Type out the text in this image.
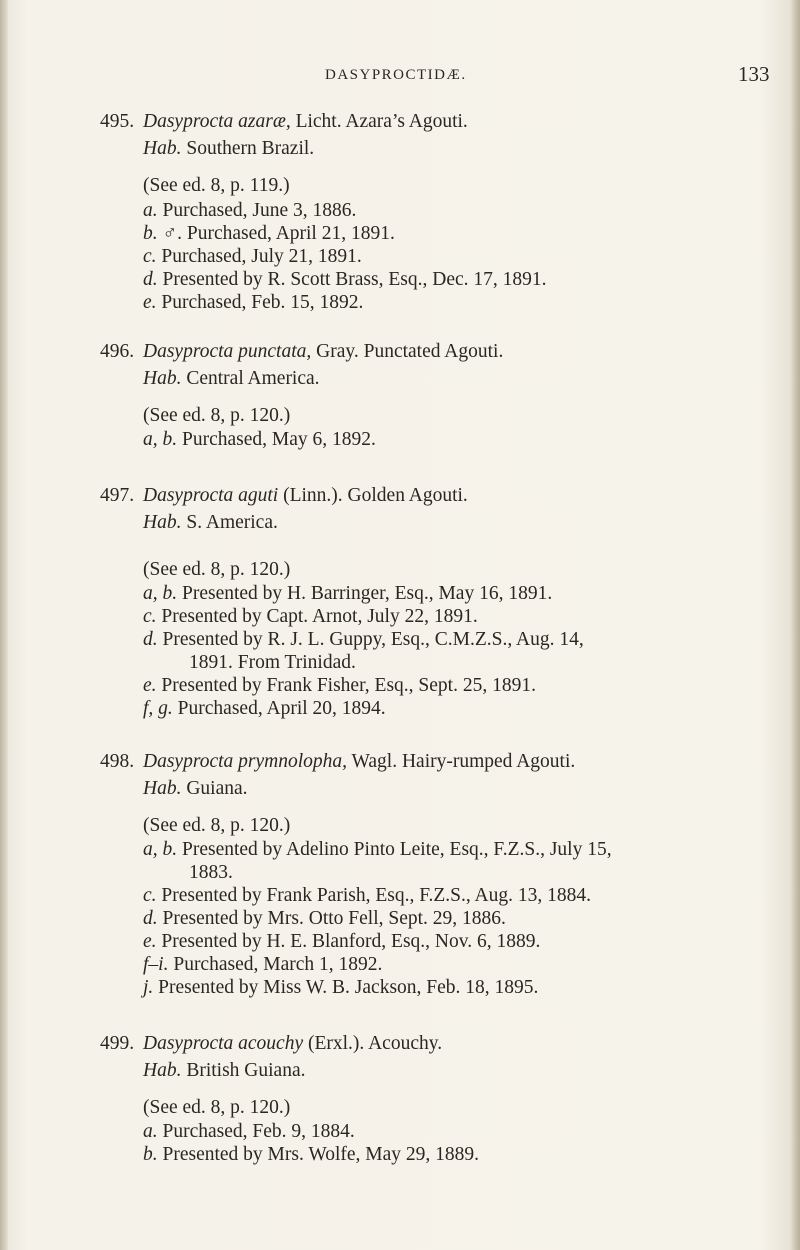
DASYPROCTIDÆ.	133
495. Dasyprocta azaræ, Licht. Azara’s Agouti.
Hab. Southern Brazil.
(See ed. 8, p. 119.)
a. Purchased, June 3, 1886.
b. ♂. Purchased, April 21, 1891.
c. Purchased, July 21, 1891.
d. Presented by R. Scott Brass, Esq., Dec. 17, 1891.
e. Purchased, Feb. 15, 1892.
496. Dasyprocta punctata, Gray. Punctated Agouti.
Hab. Central America.
(See ed. 8, p. 120.)
a, b. Purchased, May 6, 1892.
497. Dasyprocta aguti (Linn.). Golden Agouti.
Hab. S. America.
(See ed. 8, p. 120.)
a, b. Presented by H. Barringer, Esq., May 16, 1891.
c. Presented by Capt. Arnot, July 22, 1891.
d. Presented by R. J. L. Guppy, Esq., C.M.Z.S., Aug. 14,
1891. From Trinidad.
e. Presented by Frank Fisher, Esq., Sept. 25, 1891.
f, g. Purchased, April 20, 1894.
498. Dasyprocta prymnolopha, Wagl. Hairy-rumped Agouti.
Hab. Guiana.
(See ed. 8, p. 120.)
a, b. Presented by Adelino Pinto Leite, Esq., F.Z.S., July 15,
1883.
c. Presented by Frank Parish, Esq., F.Z.S., Aug. 13, 1884.
d. Presented by Mrs. Otto Fell, Sept. 29, 1886.
e. Presented by H. E. Blanford, Esq., Nov. 6, 1889.
f–i. Purchased, March 1, 1892.
j. Presented by Miss W. B. Jackson, Feb. 18, 1895.
499. Dasyprocta acouchy (Erxl.). Acouchy.
Hab. British Guiana.
(See ed. 8, p. 120.)
a. Purchased, Feb. 9, 1884.
b. Presented by Mrs. Wolfe, May 29, 1889.
